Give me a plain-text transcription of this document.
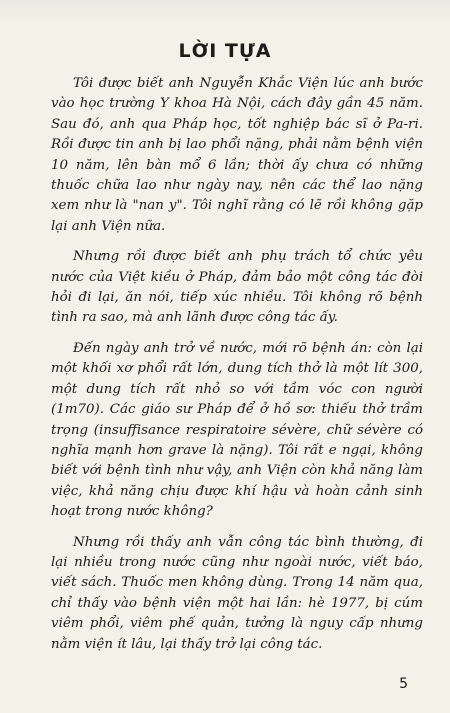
LỜI TỰA

Tôi được biết anh Nguyễn Khắc Viện lúc anh bước vào học trường Y khoa Hà Nội, cách đây gần 45 năm. Sau đó, anh qua Pháp học, tốt nghiệp bác sĩ ở Pa-ri. Rồi được tin anh bị lao phổi nặng, phải nằm bệnh viện 10 năm, lên bàn mổ 6 lần; thời ấy chưa có những thuốc chữa lao như ngày nay, nên các thể lao nặng xem như là "nan y". Tôi nghĩ rằng có lẽ rồi không gặp lại anh Viện nữa.

Nhưng rồi được biết anh phụ trách tổ chức yêu nước của Việt kiều ở Pháp, đảm bảo một công tác đòi hỏi đi lại, ăn nói, tiếp xúc nhiều. Tôi không rõ bệnh tình ra sao, mà anh lãnh được công tác ấy.

Đến ngày anh trở về nước, mới rõ bệnh án: còn lại một khối xơ phổi rất lớn, dung tích thở là một lít 300, một dung tích rất nhỏ so với tầm vóc con người (1m70). Các giáo sư Pháp để ở hồ sơ: thiếu thở trầm trọng (insuffisance respiratoire sévère, chữ sévère có nghĩa mạnh hơn grave là nặng). Tôi rất e ngại, không biết với bệnh tình như vậy, anh Viện còn khả năng làm việc, khả năng chịu được khí hậu và hoàn cảnh sinh hoạt trong nước không?

Nhưng rồi thấy anh vẫn công tác bình thường, đi lại nhiều trong nước cũng như ngoài nước, viết báo, viết sách. Thuốc men không dùng. Trong 14 năm qua, chỉ thấy vào bệnh viện một hai lần: hè 1977, bị cúm viêm phổi, viêm phế quản, tưởng là nguy cấp nhưng nằm viện ít lâu, lại thấy trở lại công tác.

5
